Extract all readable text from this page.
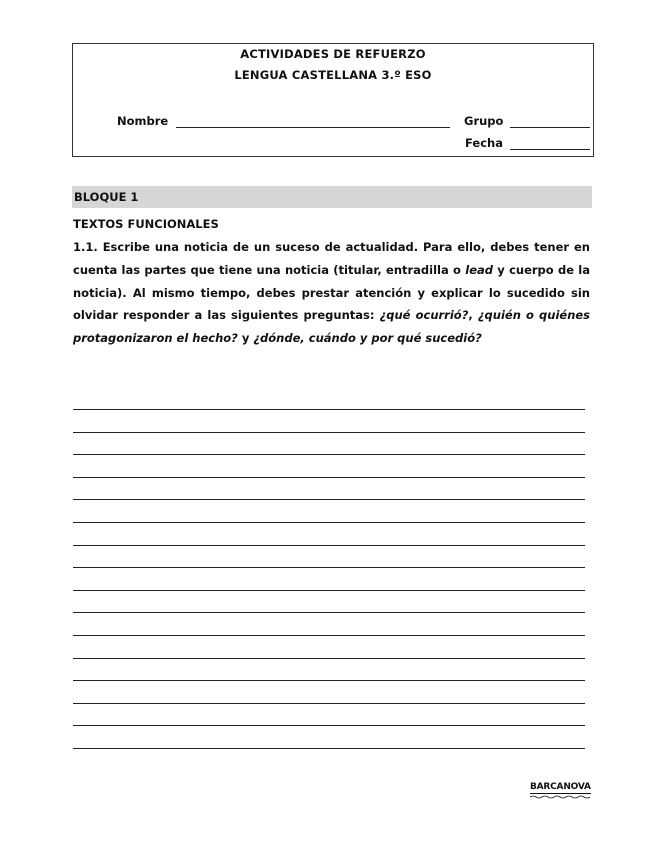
ACTIVIDADES DE REFUERZO
LENGUA CASTELLANA 3.º ESO
Nombre	Grupo
Fecha
BLOQUE 1
TEXTOS FUNCIONALES
1.1. Escribe una noticia de un suceso de actualidad. Para ello, debes tener en cuenta las partes que tiene una noticia (titular, entradilla o lead y cuerpo de la noticia). Al mismo tiempo, debes prestar atención y explicar lo sucedido sin olvidar responder a las siguientes preguntas: ¿qué ocurrió?, ¿quién o quiénes protagonizaron el hecho? y ¿dónde, cuándo y por qué sucedió?
BARCANOVA
